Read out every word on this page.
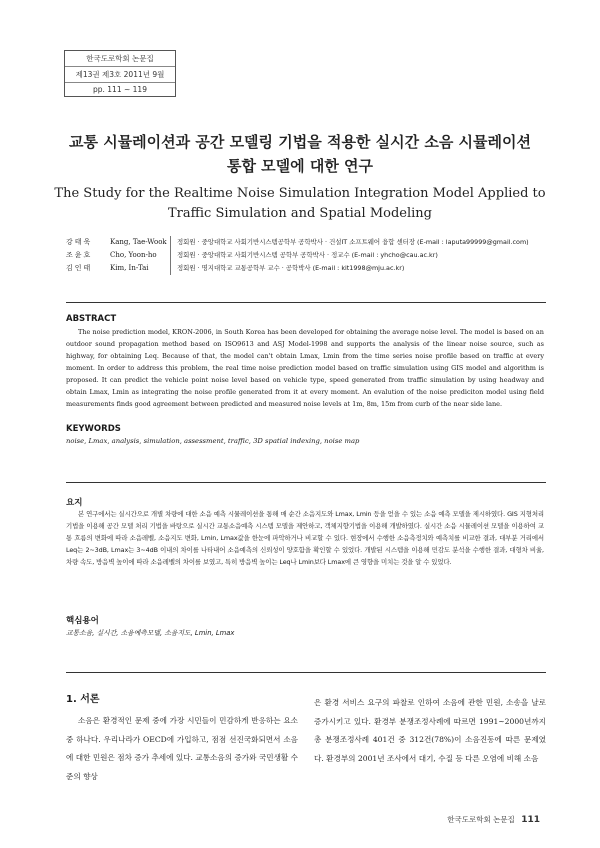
한국도로학회 논문집
제13권 제3호 2011년 9월
pp. 111 ~ 119
교통 시뮬레이션과 공간 모델링 기법을 적용한 실시간 소음 시뮬레이션
통합 모델에 대한 연구
The Study for the Realtime Noise Simulation Integration Model Applied to
Traffic Simulation and Spatial Modeling
강태욱	Kang, Tae-Wook	정회원 · 중앙대학교 사회기반시스템공학부 공학박사 · 건설IT 소프트웨어 융합 센터장 (E-mail : laputa99999@gmail.com)
조윤호	Cho, Yoon-ho	정회원 · 중앙대학교 사회기반시스템 공학부 공학박사 · 정교수 (E-mail : yhcho@cau.ac.kr)
김인태	Kim, In-Tai	정회원 · 명지대학교 교통공학부 교수 · 공학박사 (E-mail : kit1998@mju.ac.kr)
ABSTRACT
The noise prediction model, KRON-2006, in South Korea has been developed for obtaining the average noise level. The model is based on an outdoor sound propagation method based on ISO9613 and ASJ Model-1998 and supports the analysis of the linear noise source, such as highway, for obtaining Leq. Because of that, the model can't obtain Lmax, Lmin from the time series noise profile based on traffic at every moment. In order to address this problem, the real time noise prediction model based on traffic simulation using GIS model and algorithm is proposed. It can predict the vehicle point noise level based on vehicle type, speed generated from traffic simulation by using headway and obtain Lmax, Lmin as integrating the noise profile generated from it at every moment. An evalution of the noise prediciton model using field measurements finds good agreement between predicted and measured noise levels at 1m, 8m, 15m from curb of the near side lane.
KEYWORDS
noise, Lmax, analysis, simulation, assessment, traffic, 3D spatial indexing, noise map
요지
본 연구에서는 실시간으로 개별 차량에 대한 소음 예측 시뮬레이션을 통해 매 순간 소음지도와 Lmax, Lmin 등을 얻을 수 있는 소음 예측 모델을 제시하였다. GIS 지형처리 기법을 이용해 공간 모델 처리 기법을 바탕으로 실시간 교통소음예측 시스템 모델을 제안하고, 객체지향기법을 이용해 개발하였다. 실시간 소음 시뮬레이션 모델을 이용하여 교통 흐름의 변화에 따라 소음레벨, 소음지도 변화, Lmin, Lmax값을 한눈에 파악하거나 비교할 수 있다. 현장에서 수행한 소음측정치와 예측치를 비교한 결과, 대부분 거리에서 Leq는 2~3dB, Lmax는 3~4dB 이내의 차이를 나타내어 소음예측의 신뢰성이 양호함을 확인할 수 있었다. 개발된 시스템을 이용해 민감도 분석을 수행한 결과, 대형차 비율, 차량 속도, 방음벽 높이에 따라 소음레벨의 차이를 보였고, 특히 방음벽 높이는 Leq나 Lmin보다 Lmax에 큰 영향을 미치는 것을 알 수 있었다.
핵심용어
교통소음, 실시간, 소음예측모델, 소음지도, Lmin, Lmax
1. 서론
소음은 환경적인 문제 중에 가장 시민들이 민감하게 반응하는 요소 중 하나다. 우리나라가 OECD에 가입하고, 점점 선진국화되면서 소음에 대한 민원은 점차 증가 추세에 있다. 교통소음의 증가와 국민생활 수준의 향상
은 환경 서비스 요구의 파찰로 인하여 소음에 관한 민원, 소송을 날로 증가시키고 있다. 환경부 분쟁조정사례에 따르면 1991~2000년까지 총 분쟁조정사례 401건 중 312건(78%)이 소음진동에 따른 문제였다. 환경부의 2001년 조사에서 대기, 수질 등 다른 오염에 비해 소음
한국도로학회 논문집 111
